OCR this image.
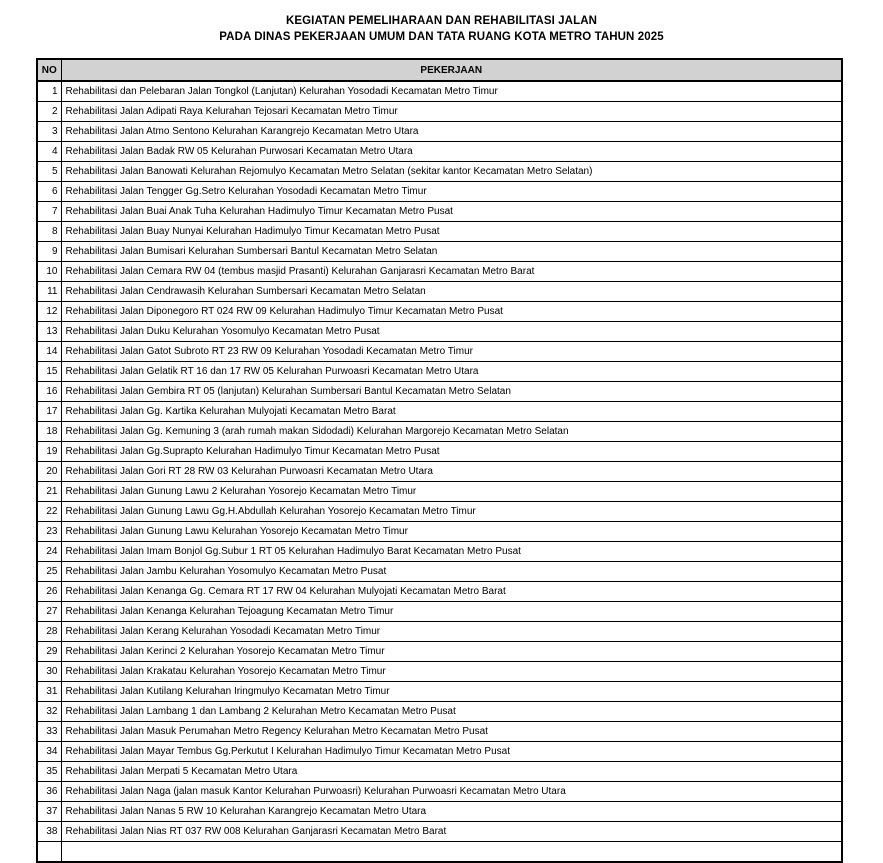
KEGIATAN PEMELIHARAAN DAN REHABILITASI JALAN
PADA DINAS PEKERJAAN UMUM DAN TATA RUANG KOTA METRO TAHUN 2025
NO	PEKERJAAN
1	Rehabilitasi dan Pelebaran Jalan Tongkol (Lanjutan) Kelurahan Yosodadi Kecamatan Metro Timur
2	Rehabilitasi Jalan Adipati Raya Kelurahan Tejosari Kecamatan Metro Timur
3	Rehabilitasi Jalan Atmo Sentono Kelurahan Karangrejo Kecamatan Metro Utara
4	Rehabilitasi Jalan Badak RW 05 Kelurahan Purwosari Kecamatan Metro Utara
5	Rehabilitasi Jalan Banowati Kelurahan Rejomulyo Kecamatan Metro Selatan (sekitar kantor Kecamatan Metro Selatan)
6	Rehabilitasi Jalan Tengger Gg.Setro Kelurahan Yosodadi Kecamatan Metro Timur
7	Rehabilitasi Jalan Buai Anak Tuha Kelurahan Hadimulyo Timur Kecamatan Metro Pusat
8	Rehabilitasi Jalan Buay Nunyai Kelurahan Hadimulyo Timur Kecamatan Metro Pusat
9	Rehabilitasi Jalan Bumisari Kelurahan Sumbersari Bantul Kecamatan Metro Selatan
10	Rehabilitasi Jalan Cemara RW 04 (tembus masjid Prasanti) Kelurahan Ganjarasri Kecamatan Metro Barat
11	Rehabilitasi Jalan Cendrawasih Kelurahan Sumbersari Kecamatan Metro Selatan
12	Rehabilitasi Jalan Diponegoro RT 024 RW 09 Kelurahan Hadimulyo Timur Kecamatan Metro Pusat
13	Rehabilitasi Jalan Duku Kelurahan Yosomulyo Kecamatan Metro Pusat
14	Rehabilitasi Jalan Gatot Subroto RT 23 RW 09 Kelurahan Yosodadi Kecamatan Metro Timur
15	Rehabilitasi Jalan Gelatik RT 16 dan 17 RW 05 Kelurahan Purwoasri Kecamatan Metro Utara
16	Rehabilitasi Jalan Gembira RT 05 (lanjutan) Kelurahan Sumbersari Bantul Kecamatan Metro Selatan
17	Rehabilitasi Jalan Gg. Kartika Kelurahan Mulyojati Kecamatan Metro Barat
18	Rehabilitasi Jalan Gg. Kemuning 3 (arah rumah makan Sidodadi) Kelurahan Margorejo Kecamatan Metro Selatan
19	Rehabilitasi Jalan Gg.Suprapto Kelurahan Hadimulyo Timur Kecamatan Metro Pusat
20	Rehabilitasi Jalan Gori RT 28 RW 03 Kelurahan Purwoasri Kecamatan Metro Utara
21	Rehabilitasi Jalan Gunung Lawu 2 Kelurahan Yosorejo Kecamatan Metro Timur
22	Rehabilitasi Jalan Gunung Lawu Gg.H.Abdullah Kelurahan Yosorejo Kecamatan Metro Timur
23	Rehabilitasi Jalan Gunung Lawu Kelurahan Yosorejo Kecamatan Metro Timur
24	Rehabilitasi Jalan Imam Bonjol Gg.Subur 1 RT 05 Kelurahan Hadimulyo Barat Kecamatan Metro Pusat
25	Rehabilitasi Jalan Jambu Kelurahan Yosomulyo Kecamatan Metro Pusat
26	Rehabilitasi Jalan Kenanga Gg. Cemara RT 17 RW 04 Kelurahan Mulyojati Kecamatan Metro Barat
27	Rehabilitasi Jalan Kenanga Kelurahan Tejoagung Kecamatan Metro Timur
28	Rehabilitasi Jalan Kerang Kelurahan Yosodadi Kecamatan Metro Timur
29	Rehabilitasi Jalan Kerinci 2 Kelurahan Yosorejo Kecamatan Metro Timur
30	Rehabilitasi Jalan Krakatau Kelurahan Yosorejo Kecamatan Metro Timur
31	Rehabilitasi Jalan Kutilang Kelurahan Iringmulyo Kecamatan Metro Timur
32	Rehabilitasi Jalan Lambang 1 dan Lambang 2 Kelurahan Metro Kecamatan Metro Pusat
33	Rehabilitasi Jalan Masuk Perumahan Metro Regency Kelurahan Metro Kecamatan Metro Pusat
34	Rehabilitasi Jalan Mayar Tembus Gg.Perkutut I Kelurahan Hadimulyo Timur Kecamatan Metro Pusat
35	Rehabilitasi Jalan Merpati 5 Kecamatan Metro Utara
36	Rehabilitasi Jalan Naga (jalan masuk Kantor Kelurahan Purwoasri) Kelurahan Purwoasri Kecamatan Metro Utara
37	Rehabilitasi Jalan Nanas 5 RW 10 Kelurahan Karangrejo Kecamatan Metro Utara
38	Rehabilitasi Jalan Nias RT 037 RW 008 Kelurahan Ganjarasri Kecamatan Metro Barat
